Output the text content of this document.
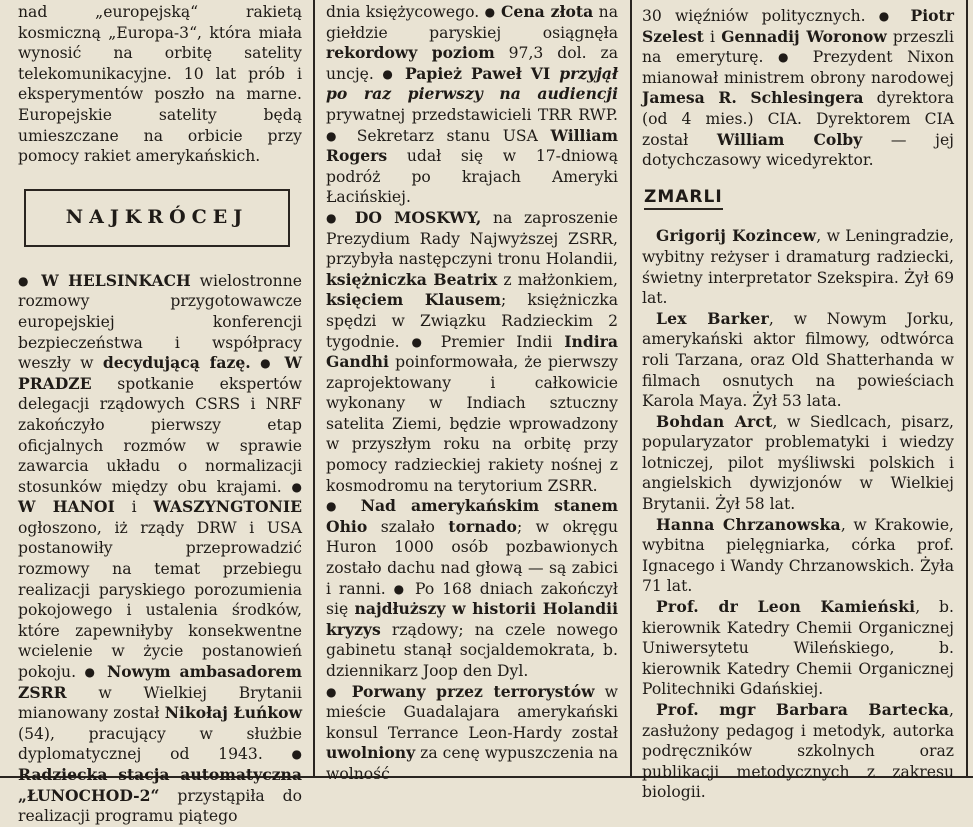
nad „europejską“ rakietą kosmiczną „Europa-3“, która miała wynosić na orbitę satelity telekomunikacyjne. 10 lat prób i eksperymentów poszło na marne. Europejskie satelity będą umieszczane na orbicie przy pomocy rakiet amerykańskich.

NAJKRÓCEJ

● W HELSINKACH wielostronne rozmowy przygotowawcze europejskiej konferencji bezpieczeństwa i współpracy weszły w decydującą fazę. ● W PRADZE spotkanie ekspertów delegacji rządowych CSRS i NRF zakończyło pierwszy etap oficjalnych rozmów w sprawie zawarcia układu o normalizacji stosunków między obu krajami. ● W HANOI i WASZYNGTONIE ogłoszono, iż rządy DRW i USA postanowiły przeprowadzić rozmowy na temat przebiegu realizacji paryskiego porozumienia pokojowego i ustalenia środków, które zapewniłyby konsekwentne wcielenie w życie postanowień pokoju. ● Nowym ambasadorem ZSRR w Wielkiej Brytanii mianowany został Nikołaj Łuńkow (54), pracujący w służbie dyplomatycznej od 1943. ● Radziecka stacja automatyczna „ŁUNOCHOD-2“ przystąpiła do realizacji programu piątego

dnia księżycowego. ● Cena złota na giełdzie paryskiej osiągnęła rekordowy poziom 97,3 dol. za uncję. ● Papież Paweł VI przyjął po raz pierwszy na audiencji prywatnej przedstawicieli TRR RWP. ● Sekretarz stanu USA William Rogers udał się w 17-dniową podróż po krajach Ameryki Łacińskiej.

● DO MOSKWY, na zaproszenie Prezydium Rady Najwyższej ZSRR, przybyła następczyni tronu Holandii, księżniczka Beatrix z małżonkiem, księciem Klausem; księżniczka spędzi w Związku Radzieckim 2 tygodnie. ● Premier Indii Indira Gandhi poinformowała, że pierwszy zaprojektowany i całkowicie wykonany w Indiach sztuczny satelita Ziemi, będzie wprowadzony w przyszłym roku na orbitę przy pomocy radzieckiej rakiety nośnej z kosmodromu na terytorium ZSRR.

● Nad amerykańskim stanem Ohio szalało tornado; w okręgu Huron 1000 osób pozbawionych zostało dachu nad głową — są zabici i ranni. ● Po 168 dniach zakończył się najdłuższy w historii Holandii kryzys rządowy; na czele nowego gabinetu stanął socjaldemokrata, b. dziennikarz Joop den Dyl.

● Porwany przez terrorystów w mieście Guadalajara amerykański konsul Terrance Leon-Hardy został uwolniony za cenę wypuszczenia na wolność

30 więźniów politycznych. ● Piotr Szelest i Gennadij Woronow przeszli na emeryturę. ● Prezydent Nixon mianował ministrem obrony narodowej Jamesa R. Schlesingera dyrektora (od 4 mies.) CIA. Dyrektorem CIA został William Colby — jej dotychczasowy wicedyrektor.

ZMARLI

Grigorij Kozincew, w Leningradzie, wybitny reżyser i dramaturg radziecki, świetny interpretator Szekspira. Żył 69 lat.

Lex Barker, w Nowym Jorku, amerykański aktor filmowy, odtwórca roli Tarzana, oraz Old Shatterhanda w filmach osnutych na powieściach Karola Maya. Żył 53 lata.

Bohdan Arct, w Siedlcach, pisarz, popularyzator problematyki i wiedzy lotniczej, pilot myśliwski polskich i angielskich dywizjonów w Wielkiej Brytanii. Żył 58 lat.

Hanna Chrzanowska, w Krakowie, wybitna pielęgniarka, córka prof. Ignacego i Wandy Chrzanowskich. Żyła 71 lat.

Prof. dr Leon Kamieński, b. kierownik Katedry Chemii Organicznej Uniwersytetu Wileńskiego, b. kierownik Katedry Chemii Organicznej Politechniki Gdańskiej.

Prof. mgr Barbara Bartecka, zasłużony pedagog i metodyk, autorka podręczników szkolnych oraz publikacji metodycznych z zakresu biologii.
